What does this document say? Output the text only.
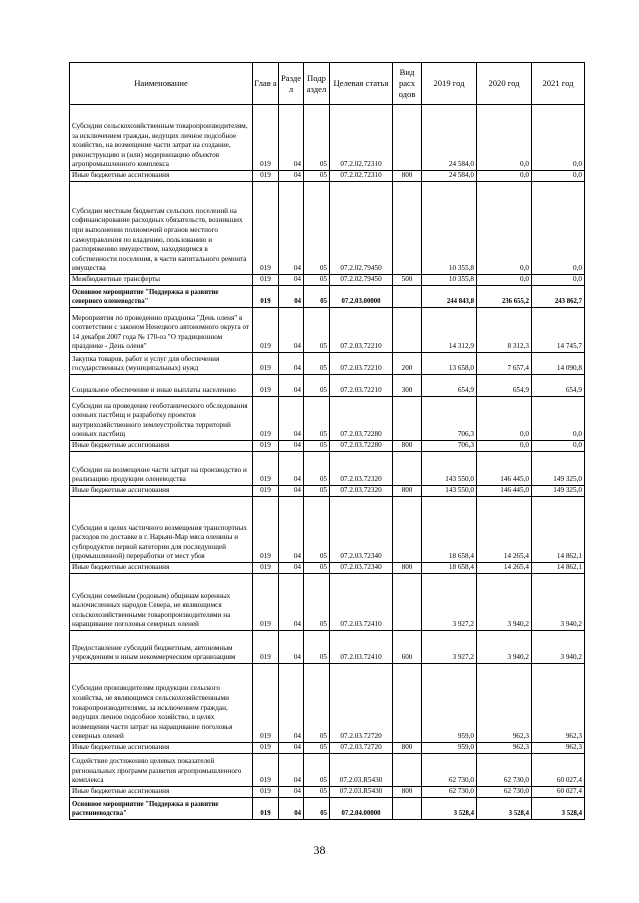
Наименование	Глав а	Разде л	Подр аздел	Целевая статья	Вид расх одов	2019 год	2020 год	2021 год
Субсидии сельскохозяйственным товаропроизводителям, за исключением граждан, ведущих личное подсобное хозяйство, на возмещение части затрат на создание, реконструкцию и (или) модернизацию объектов агропромышленного комплекса	019	04	05	07.2.02.72310		24 584,0	0,0	0,0
Иные бюджетные ассигнования	019	04	05	07.2.02.72310	800	24 584,0	0,0	0,0
Субсидии местным бюджетам сельских поселений на софинансирование расходных обязательств, возникших при выполнении полномочий органов местного самоуправления по владению, пользованию и распоряжению имуществом, находящимся в собственности поселения, в части капитального ремонта имущества	019	04	05	07.2.02.79450		10 355,8	0,0	0,0
Межбюджетные трансферты	019	04	05	07.2.02.79450	500	10 355,8	0,0	0,0
Основное мероприятие "Поддержка и развитие северного оленеводства"	019	04	05	07.2.03.00000		244 843,8	236 655,2	243 862,7
Мероприятия по проведению праздника "День оленя" в соответствии с законом Ненецкого автономного округа от 14 декабря 2007 года № 170-оз "О традиционном празднике - День оленя"	019	04	05	07.2.03.72210		14 312,9	8 312,3	14 745,7
Закупка товаров, работ и услуг для обеспечения государственных (муниципальных) нужд	019	04	05	07.2.03.72210	200	13 658,0	7 657,4	14 090,8
Социальное обеспечение и иные выплаты населению	019	04	05	07.2.03.72210	300	654,9	654,9	654,9
Субсидии на проведение геоботанического обследования оленьих пастбищ и разработку проектов внутрихозяйственного землеустройства территорий оленьих пастбищ	019	04	05	07.2.03.72280		706,3	0,0	0,0
Иные бюджетные ассигнования	019	04	05	07.2.03.72280	800	706,3	0,0	0,0
Субсидии на возмещение части затрат на производство и реализацию продукции оленеводства	019	04	05	07.2.03.72320		143 550,0	146 445,0	149 325,0
Иные бюджетные ассигнования	019	04	05	07.2.03.72320	800	143 550,0	146 445,0	149 325,0
Субсидии в целях частичного возмещения транспортных расходов по доставке в г. Нарьян-Мар мяса оленины и субпродуктов первой категории для последующей (промышленной) переработки от мест убоя	019	04	05	07.2.03.72340		18 658,4	14 265,4	14 862,1
Иные бюджетные ассигнования	019	04	05	07.2.03.72340	800	18 658,4	14 265,4	14 862,1
Субсидии семейным (родовым) общинам коренных малочисленных народов Севера, не являющимся сельскохозяйственными товаропроизводителями на наращивание поголовья северных оленей	019	04	05	07.2.03.72410		3 927,2	3 940,2	3 940,2
Предоставление субсидий бюджетным, автономным учреждениям и иным некоммерческим организациям	019	04	05	07.2.03.72410	600	3 927,2	3 940,2	3 940,2
Субсидии производителям продукции сельского хозяйства, не являющимся сельскохозяйственными товаропроизводителями, за исключением граждан, ведущих личное подсобное хозяйство, в целях возмещения части затрат на наращивание поголовья северных оленей	019	04	05	07.2.03.72720		959,0	962,3	962,3
Иные бюджетные ассигнования	019	04	05	07.2.03.72720	800	959,0	962,3	962,3
Содействие достижению целевых показателей региональных программ развития агропромышленного комплекса	019	04	05	07.2.03.R5430		62 730,0	62 730,0	60 027,4
Иные бюджетные ассигнования	019	04	05	07.2.03.R5430	800	62 730,0	62 730,0	60 027,4
Основное мероприятие "Поддержка и развитие растениеводства"	019	04	05	07.2.04.00000		3 528,4	3 528,4	3 528,4
38
